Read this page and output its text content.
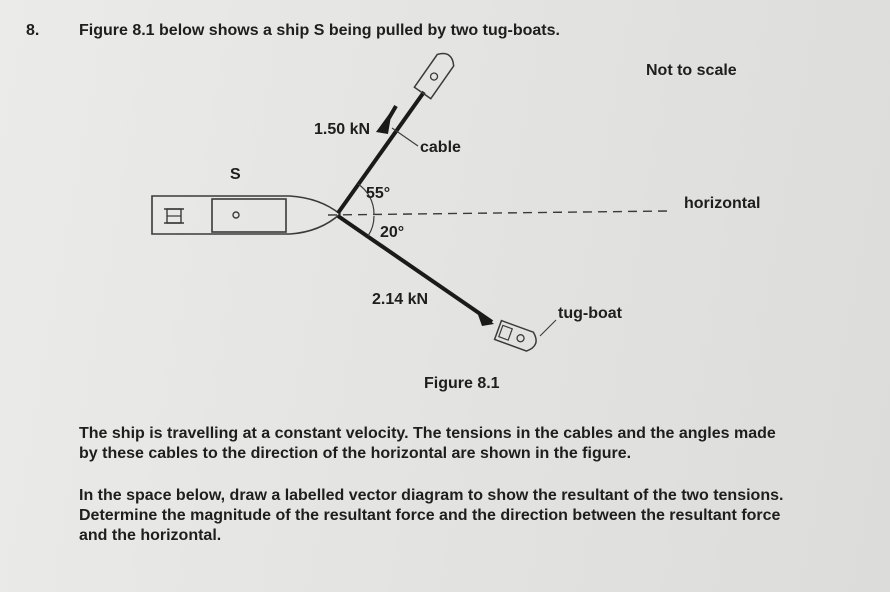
8. Figure 8.1 below shows a ship S being pulled by two tug-boats.
Not to scale
1.50 kN
cable
S
55°
horizontal
20°
2.14 kN
tug-boat
Figure 8.1
The ship is travelling at a constant velocity. The tensions in the cables and the angles made
by these cables to the direction of the horizontal are shown in the figure.
In the space below, draw a labelled vector diagram to show the resultant of the two tensions.
Determine the magnitude of the resultant force and the direction between the resultant force
and the horizontal.
